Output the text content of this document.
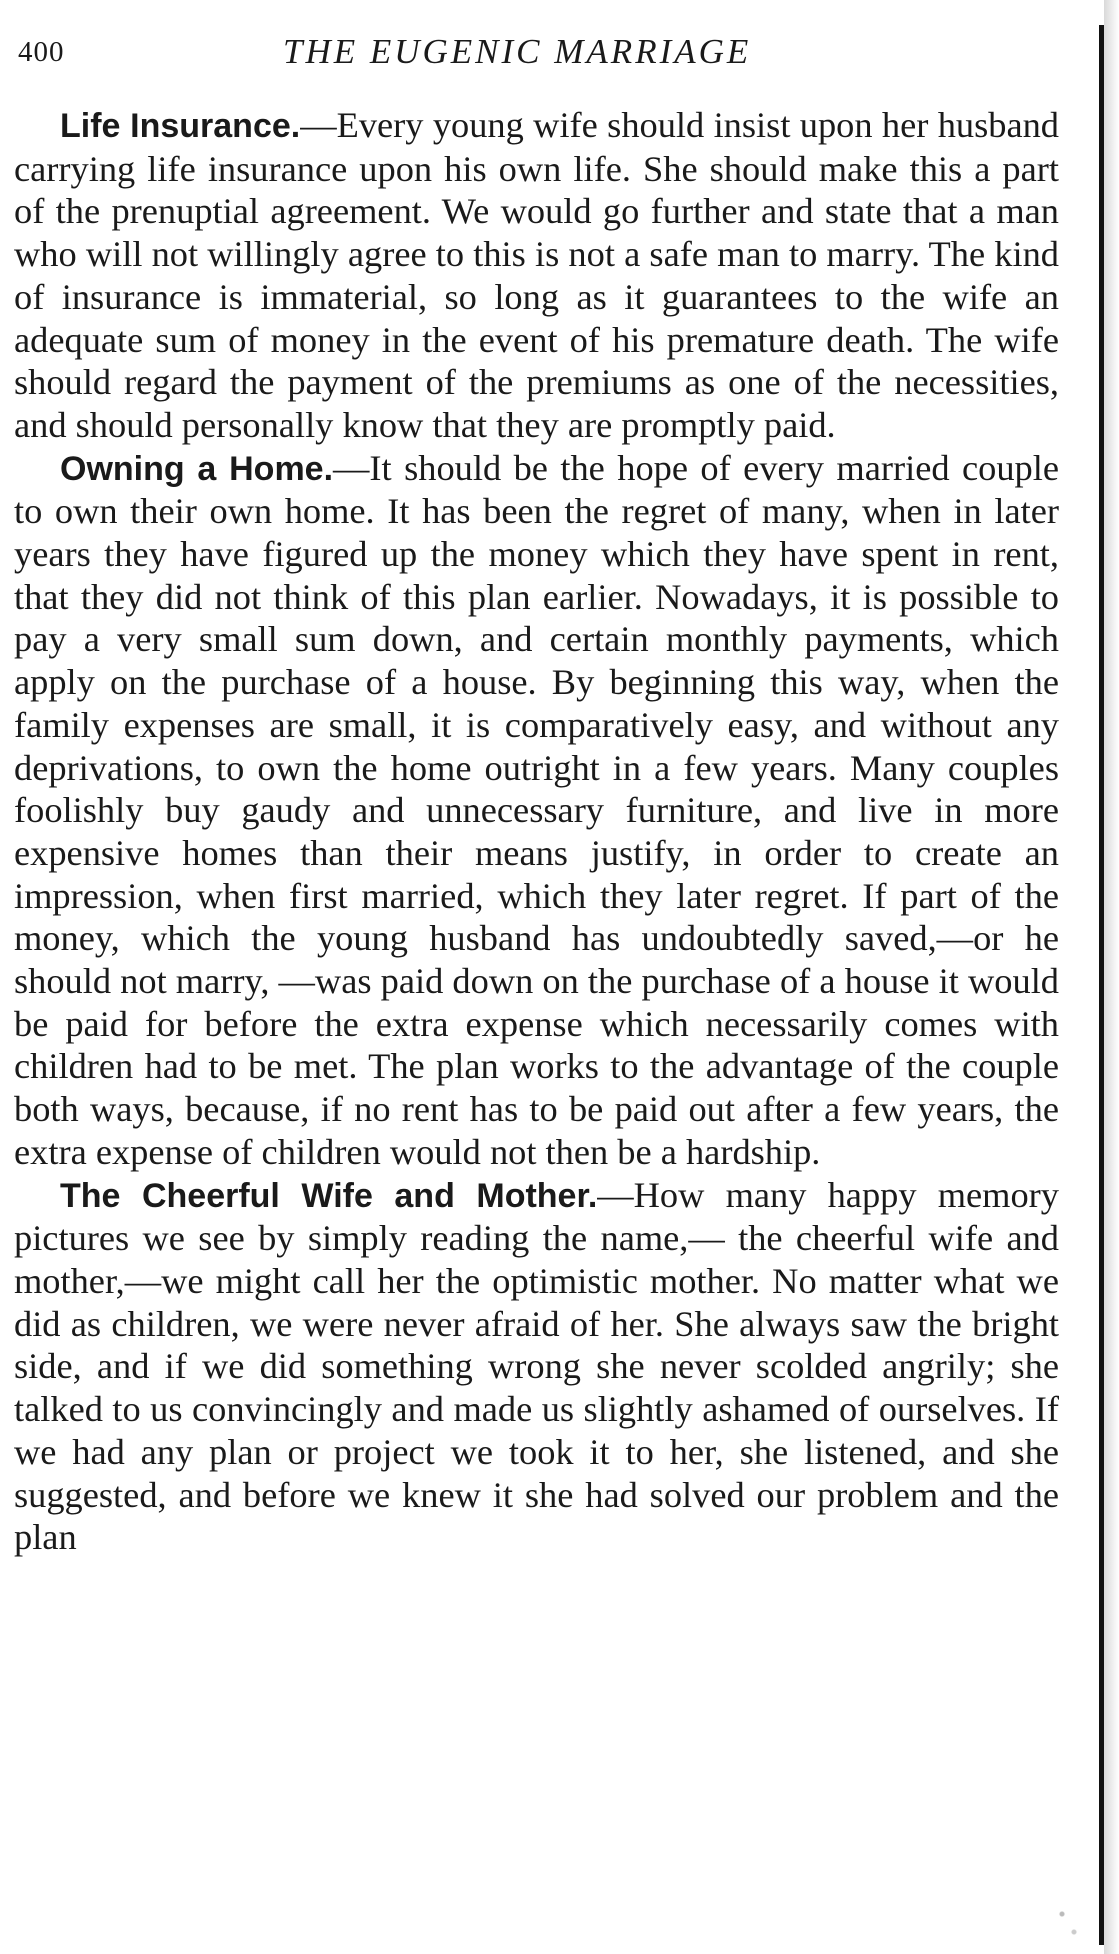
400	THE EUGENIC MARRIAGE

Life Insurance.—Every young wife should insist upon her husband carrying life insurance upon his own life. She should make this a part of the prenuptial agreement. We would go further and state that a man who will not willingly agree to this is not a safe man to marry. The kind of insurance is immaterial, so long as it guarantees to the wife an adequate sum of money in the event of his premature death. The wife should regard the payment of the premiums as one of the necessities, and should personally know that they are promptly paid.

Owning a Home.—It should be the hope of every married couple to own their own home. It has been the regret of many, when in later years they have figured up the money which they have spent in rent, that they did not think of this plan earlier. Nowadays, it is possible to pay a very small sum down, and certain monthly payments, which apply on the purchase of a house. By beginning this way, when the family expenses are small, it is comparatively easy, and without any deprivations, to own the home outright in a few years. Many couples foolishly buy gaudy and unnecessary furniture, and live in more expensive homes than their means justify, in order to create an impression, when first married, which they later regret. If part of the money, which the young husband has undoubtedly saved,—or he should not marry, —was paid down on the purchase of a house it would be paid for before the extra expense which necessarily comes with children had to be met. The plan works to the advantage of the couple both ways, because, if no rent has to be paid out after a few years, the extra expense of children would not then be a hardship.

The Cheerful Wife and Mother.—How many happy memory pictures we see by simply reading the name,— the cheerful wife and mother,—we might call her the optimistic mother. No matter what we did as children, we were never afraid of her. She always saw the bright side, and if we did something wrong she never scolded angrily; she talked to us convincingly and made us slightly ashamed of ourselves. If we had any plan or project we took it to her, she listened, and she suggested, and before we knew it she had solved our problem and the plan
